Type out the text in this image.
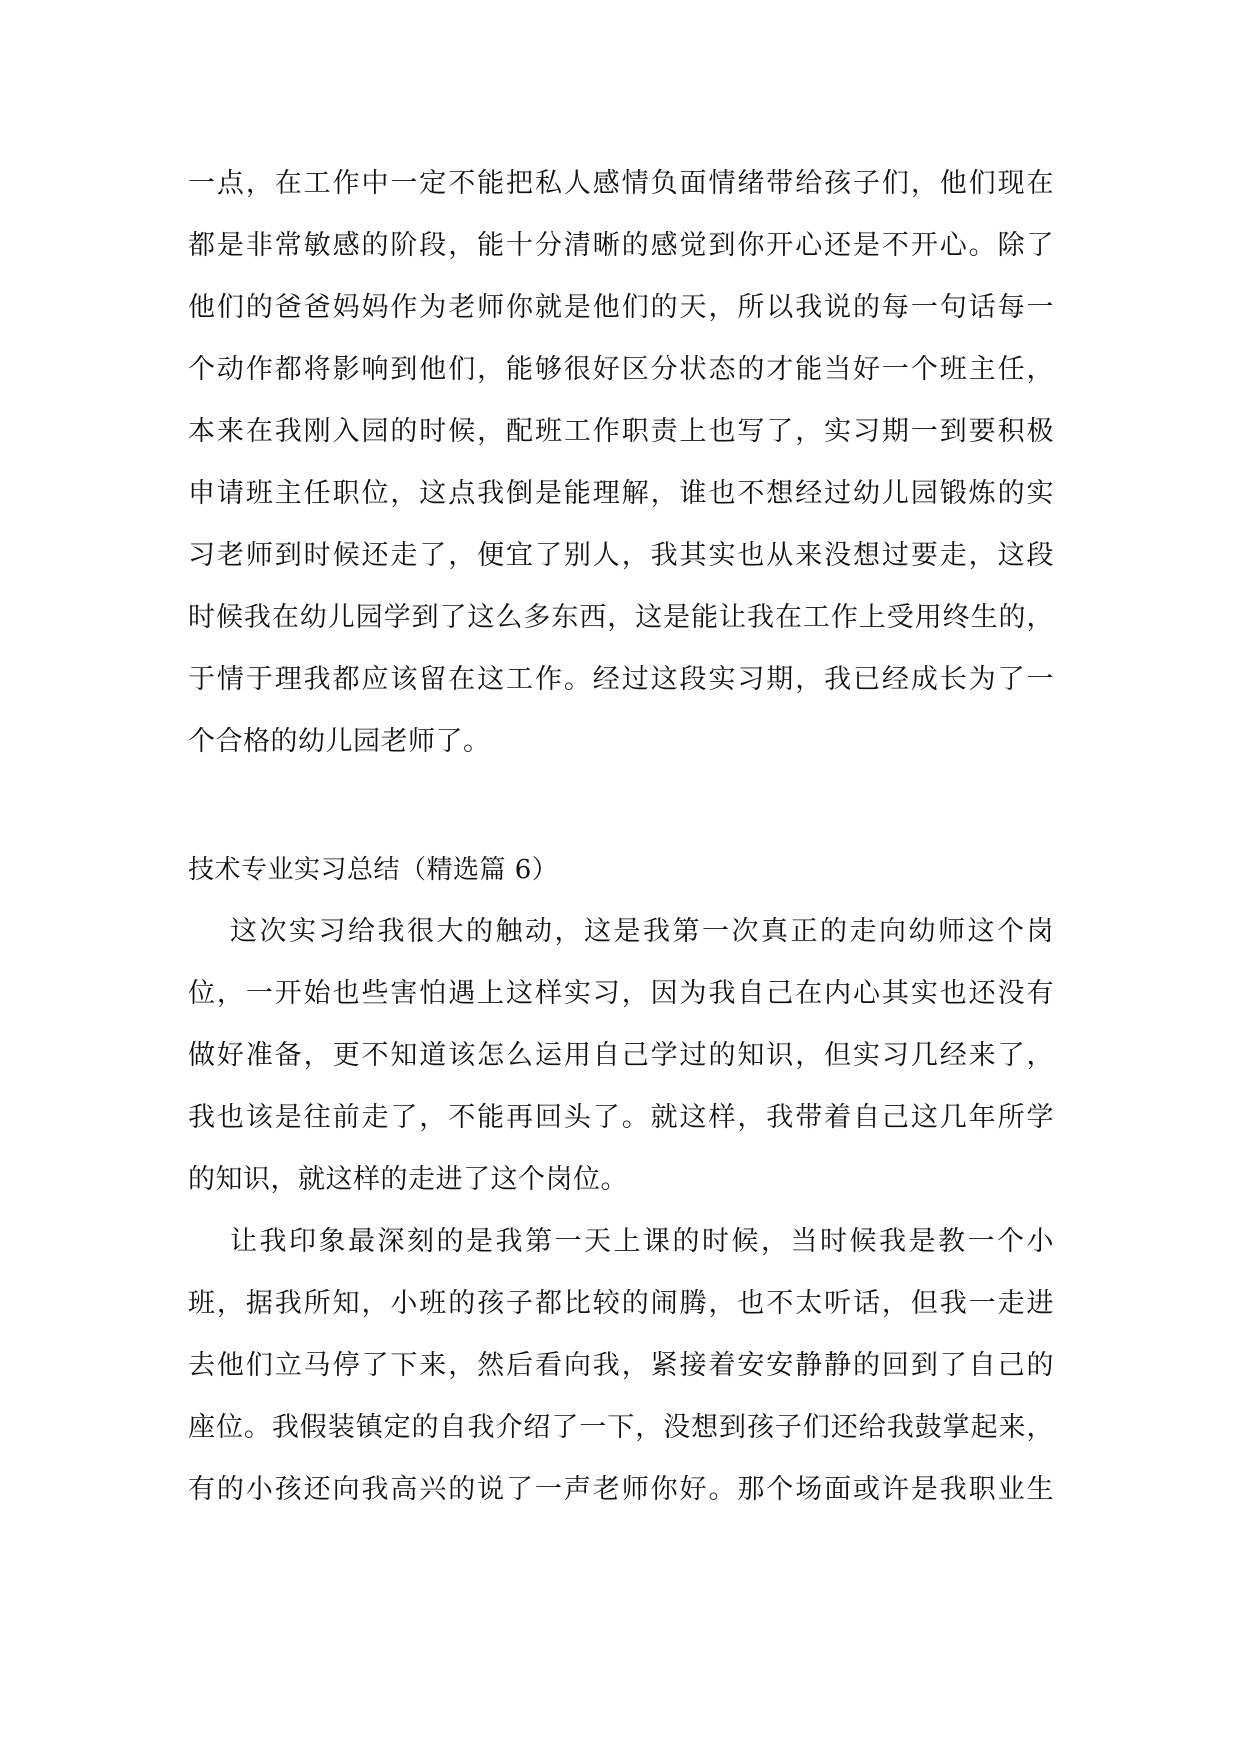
一点，在工作中一定不能把私人感情负面情绪带给孩子们，他们现在
都是非常敏感的阶段，能十分清晰的感觉到你开心还是不开心。除了
他们的爸爸妈妈作为老师你就是他们的天，所以我说的每一句话每一
个动作都将影响到他们，能够很好区分状态的才能当好一个班主任，
本来在我刚入园的时候，配班工作职责上也写了，实习期一到要积极
申请班主任职位，这点我倒是能理解，谁也不想经过幼儿园锻炼的实
习老师到时候还走了，便宜了别人，我其实也从来没想过要走，这段
时候我在幼儿园学到了这么多东西，这是能让我在工作上受用终生的，
于情于理我都应该留在这工作。经过这段实习期，我已经成长为了一
个合格的幼儿园老师了。
技术专业实习总结（精选篇 6）
这次实习给我很大的触动，这是我第一次真正的走向幼师这个岗
位，一开始也些害怕遇上这样实习，因为我自己在内心其实也还没有
做好准备，更不知道该怎么运用自己学过的知识，但实习几经来了，
我也该是往前走了，不能再回头了。就这样，我带着自己这几年所学
的知识，就这样的走进了这个岗位。
让我印象最深刻的是我第一天上课的时候，当时候我是教一个小
班，据我所知，小班的孩子都比较的闹腾，也不太听话，但我一走进
去他们立马停了下来，然后看向我，紧接着安安静静的回到了自己的
座位。我假装镇定的自我介绍了一下，没想到孩子们还给我鼓掌起来，
有的小孩还向我高兴的说了一声老师你好。那个场面或许是我职业生
